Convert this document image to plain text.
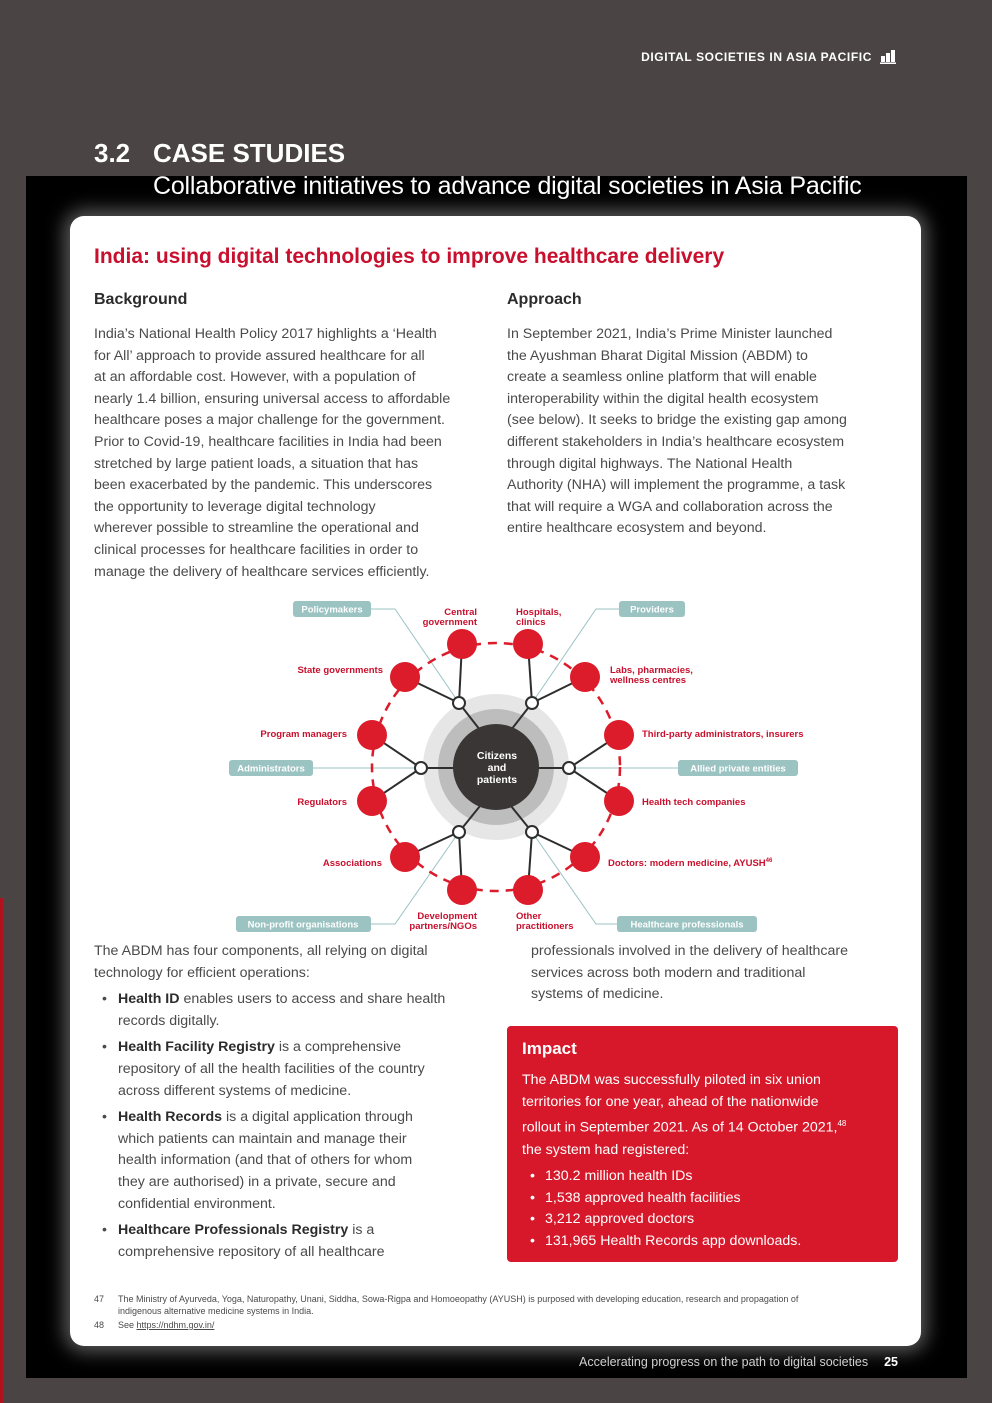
DIGITAL SOCIETIES IN ASIA PACIFIC
3.2 CASE STUDIES
Collaborative initiatives to advance digital societies in Asia Pacific
India: using digital technologies to improve healthcare delivery
Background
India’s National Health Policy 2017 highlights a ‘Health
for All’ approach to provide assured healthcare for all
at an affordable cost. However, with a population of
nearly 1.4 billion, ensuring universal access to affordable
healthcare poses a major challenge for the government.
Prior to Covid-19, healthcare facilities in India had been
stretched by large patient loads, a situation that has
been exacerbated by the pandemic. This underscores
the opportunity to leverage digital technology
wherever possible to streamline the operational and
clinical processes for healthcare facilities in order to
manage the delivery of healthcare services efficiently.
Approach
In September 2021, India’s Prime Minister launched
the Ayushman Bharat Digital Mission (ABDM) to
create a seamless online platform that will enable
interoperability within the digital health ecosystem
(see below). It seeks to bridge the existing gap among
different stakeholders in India’s healthcare ecosystem
through digital highways. The National Health
Authority (NHA) will implement the programme, a task
that will require a WGA and collaboration across the
entire healthcare ecosystem and beyond.
Citizens
and
patients
Central
government
Hospitals,
clinics
State governments	Labs, pharmacies,
wellness centres
Program managers	Third-party administrators, insurers
Regulators	Health tech companies
Associations	Doctors: modern medicine, AYUSH$^{46}$
Development
partners/NGOs
Other
practitioners
Policymakers	Providers
Administrators	Allied private entities
Non-profit organisations	Healthcare professionals
The ABDM has four components, all relying on digital
technology for efficient operations:
• Health ID enables users to access and share health
records digitally.
• Health Facility Registry is a comprehensive
repository of all the health facilities of the country
across different systems of medicine.
• Health Records is a digital application through
which patients can maintain and manage their
health information (and that of others for whom
they are authorised) in a private, secure and
confidential environment.
• Healthcare Professionals Registry is a
comprehensive repository of all healthcare
professionals involved in the delivery of healthcare
services across both modern and traditional
systems of medicine.
Impact
The ABDM was successfully piloted in six union
territories for one year, ahead of the nationwide
rollout in September 2021. As of 14 October 2021,48
the system had registered:
• 130.2 million health IDs
• 1,538 approved health facilities
• 3,212 approved doctors
• 131,965 Health Records app downloads.
47	The Ministry of Ayurveda, Yoga, Naturopathy, Unani, Siddha, Sowa-Rigpa and Homoeopathy (AYUSH) is purposed with developing education, research and propagation of
indigenous alternative medicine systems in India.
48	See https://ndhm.gov.in/
Accelerating progress on the path to digital societies 25
